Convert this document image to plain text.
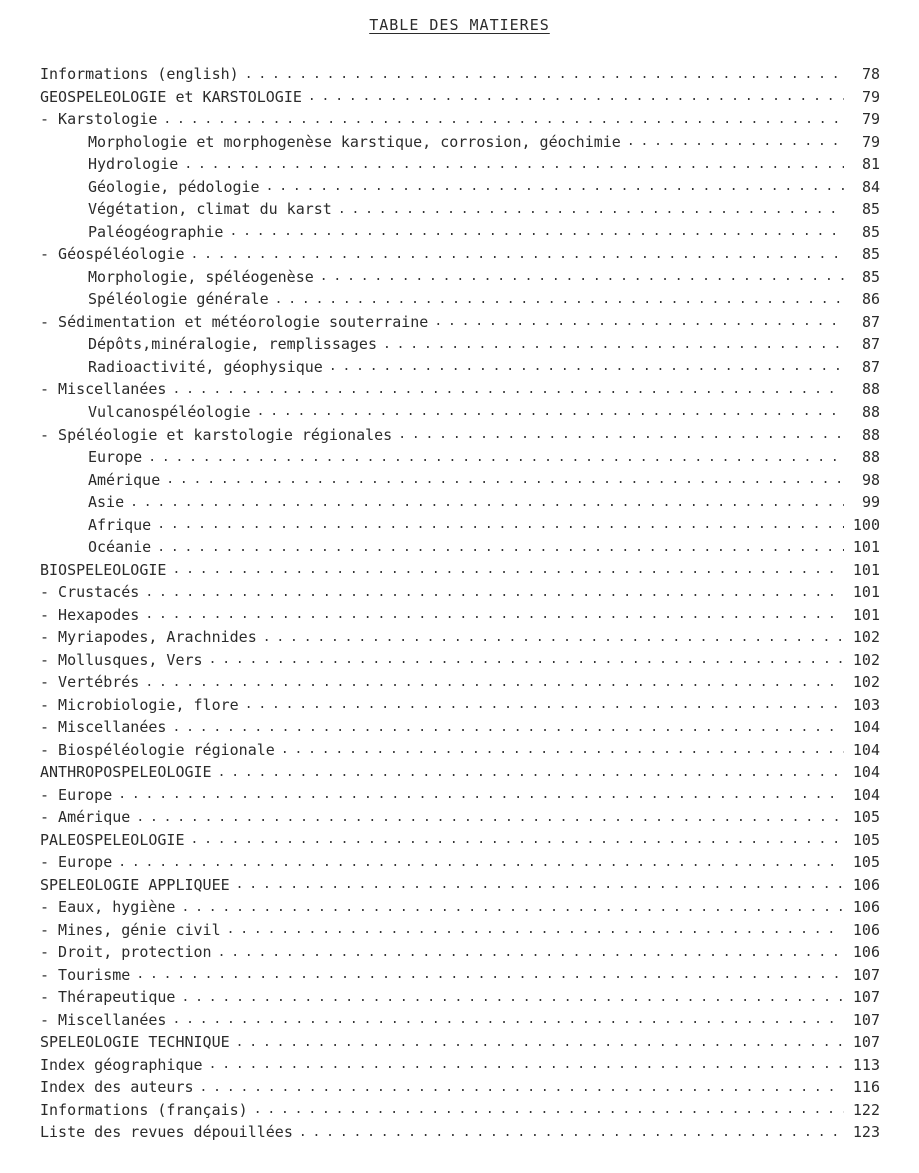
TABLE DES MATIERES
Informations (english) . . .	78
GEOSPELEOLOGIE et KARSTOLOGIE . . .	79
- Karstologie . . .	79
Morphologie et morphogenèse karstique, corrosion, géochimie . . .	79
Hydrologie . . .	81
Géologie, pédologie . . .	84
Végétation, climat du karst . . .	85
Paléogéographie . . .	85
- Géospéléologie . . .	85
Morphologie, spéléogenèse . . .	85
Spéléologie générale . . .	86
- Sédimentation et météorologie souterraine . . .	87
Dépôts,minéralogie, remplissages . . .	87
Radioactivité, géophysique . . .	87
- Miscellanées . . .	88
Vulcanospéléologie . . .	88
- Spéléologie et karstologie régionales . . .	88
Europe . . .	88
Amérique . . .	98
Asie . . .	99
Afrique . . .	100
Océanie . . .	101
BIOSPELEOLOGIE . . .	101
- Crustacés . . .	101
- Hexapodes . . .	101
- Myriapodes, Arachnides . . .	102
- Mollusques, Vers . . .	102
- Vertébrés . . .	102
- Microbiologie, flore . . .	103
- Miscellanées . . .	104
- Biospéléologie régionale . . .	104
ANTHROPOSPELEOLOGIE . . .	104
- Europe . . .	104
- Amérique . . .	105
PALEOSPELEOLOGIE . . .	105
- Europe . . .	105
SPELEOLOGIE APPLIQUEE . . .	106
- Eaux, hygiène . . .	106
- Mines, génie civil . . .	106
- Droit, protection . . .	106
- Tourisme . . .	107
- Thérapeutique . . .	107
- Miscellanées . . .	107
SPELEOLOGIE TECHNIQUE . . .	107
Index géographique . . .	113
Index des auteurs . . .	116
Informations (français) . . .	122
Liste des revues dépouillées . . .	123
